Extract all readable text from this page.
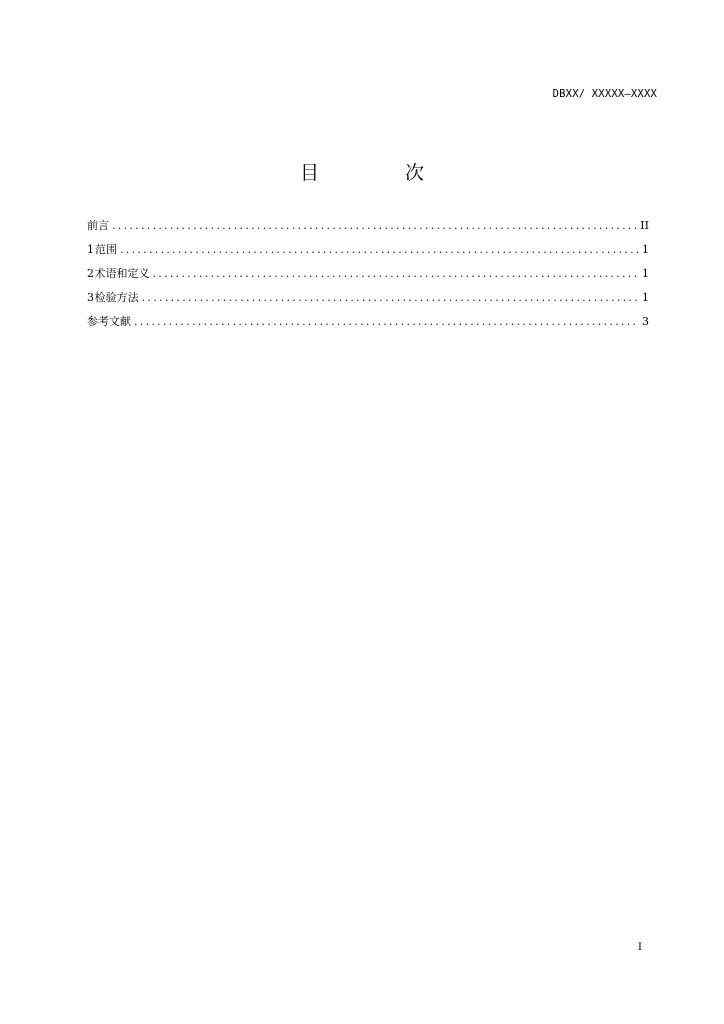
DBXX/ XXXXX—XXXX
目 次
前言 .....	II
1 范围 .....	1
2 术语和定义 .....	1
3 检验方法 .....	1
参考文献 .....	3
I
